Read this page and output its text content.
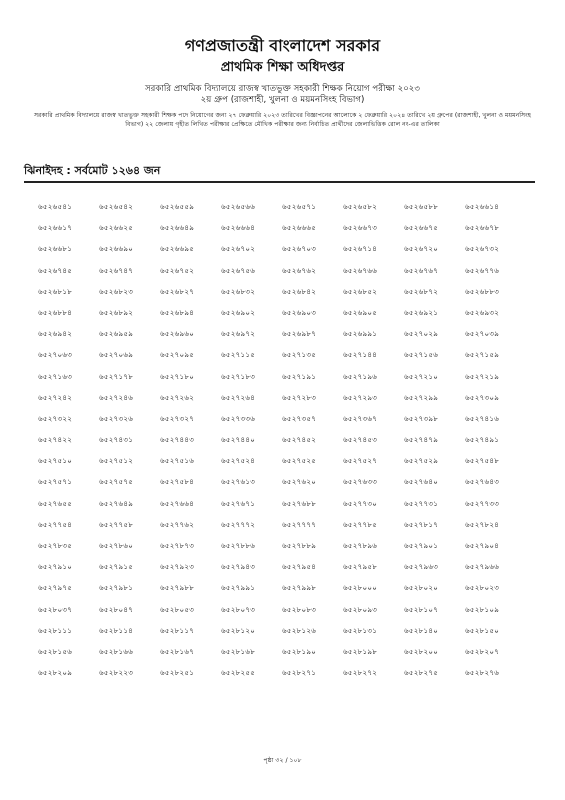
গণপ্রজাতন্ত্রী বাংলাদেশ সরকার
প্রাথমিক শিক্ষা অধিদপ্তর
সরকারি প্রাথমিক বিদ্যালয়ে রাজস্ব খাতভুক্ত সহকারী শিক্ষক নিয়োগ পরীক্ষা ২০২৩
২য় গ্রুপ (রাজশাহী, খুলনা ও ময়মনসিংহ বিভাগ)
সরকারি প্রাথমিক বিদ্যালয়ে রাজস্ব খাতভুক্ত সহকারী শিক্ষক পদে নিয়োগের জন্য ২৭ ফেব্রুয়ারি ২০২৩ তারিখের বিজ্ঞাপনের আলোকে ২ ফেব্রুয়ারি ২০২৪ তারিখে ২য় গ্রুপের (রাজশাহী, খুলনা ও ময়মনসিংহ বিভাগ) ২২ জেলায় গৃহীত লিখিত পরীক্ষার প্রেক্ষিতে মৌখিক পরীক্ষার জন্য নির্বাচিত প্রার্থীদের জেলাভিত্তিক রোল নং-এর তালিকা
ঝিনাইদহ : সর্বমোট ১২৬৪ জন
৬৫২৬৫৪১	৬৫২৬৫৪২	৬৫২৬৫৫৯	৬৫২৬৫৬৬	৬৫২৬৫৭১	৬৫২৬৫৮২	৬৫২৬৫৮৮	৬৫২৬৬১৪
৬৫২৬৬১৭	৬৫২৬৬২৫	৬৫২৬৬৪৯	৬৫২৬৬৬৪	৬৫২৬৬৬৫	৬৫২৬৬৭৩	৬৫২৬৬৭৫	৬৫২৬৬৭৮
৬৫২৬৬৮১	৬৫২৬৬৯০	৬৫২৬৬৯৫	৬৫২৬৭০২	৬৫২৬৭০৩	৬৫২৬৭১৪	৬৫২৬৭২০	৬৫২৬৭৩২
৬৫২৬৭৪৫	৬৫২৬৭৪৭	৬৫২৬৭৫২	৬৫২৬৭৫৬	৬৫২৬৭৬২	৬৫২৬৭৬৬	৬৫২৬৭৬৭	৬৫২৬৭৭৬
৬৫২৬৮১৮	৬৫২৬৮২৩	৬৫২৬৮২৭	৬৫২৬৮৩২	৬৫২৬৮৪২	৬৫২৬৮৫২	৬৫২৬৮৭২	৬৫২৬৮৮৩
৬৫২৬৮৮৪	৬৫২৬৮৯২	৬৫২৬৮৯৪	৬৫২৬৯০২	৬৫২৬৯০৩	৬৫২৬৯০৫	৬৫২৬৯২১	৬৫২৬৯৩২
৬৫২৬৯৪২	৬৫২৬৯৫৯	৬৫২৬৯৬০	৬৫২৬৯৭২	৬৫২৬৯৮৭	৬৫২৬৯৯১	৬৫২৭০২৯	৬৫২৭০৩৯
৬৫২৭০৬৩	৬৫২৭০৬৯	৬৫২৭০৯৫	৬৫২৭১১৫	৬৫২৭১৩৫	৬৫২৭১৪৪	৬৫২৭১৫৬	৬৫২৭১৫৯
৬৫২৭১৬৩	৬৫২৭১৭৮	৬৫২৭১৮০	৬৫২৭১৮৩	৬৫২৭১৯১	৬৫২৭১৯৬	৬৫২৭২১০	৬৫২৭২১৯
৬৫২৭২৪২	৬৫২৭২৪৬	৬৫২৭২৬২	৬৫২৭২৬৪	৬৫২৭২৮৩	৬৫২৭২৯৩	৬৫২৭২৯৯	৬৫২৭৩০৯
৬৫২৭৩২২	৬৫২৭৩২৬	৬৫২৭৩২৭	৬৫২৭৩৩৬	৬৫২৭৩৫৭	৬৫২৭৩৬৭	৬৫২৭৩৯৮	৬৫২৭৪১৬
৬৫২৭৪২২	৬৫২৭৪৩১	৬৫২৭৪৪৩	৬৫২৭৪৪০	৬৫২৭৪৫২	৬৫২৭৪৫৩	৬৫২৭৪৭৯	৬৫২৭৪৯১
৬৫২৭৫১০	৬৫২৭৫১২	৬৫২৭৫১৬	৬৫২৭৫২৪	৬৫২৭৫২৫	৬৫২৭৫২৭	৬৫২৭৫২৯	৬৫২৭৫৪৮
৬৫২৭৫৭১	৬৫২৭৫৭৫	৬৫২৭৫৮৪	৬৫২৭৬১৩	৬৫২৭৬২০	৬৫২৭৬৩৩	৬৫২৭৬৪০	৬৫২৭৬৪৩
৬৫২৭৬৫৫	৬৫২৭৬৪৯	৬৫২৭৬৬৪	৬৫২৭৬৭১	৬৫২৭৬৮৮	৬৫২৭৭৩০	৬৫২৭৭৩১	৬৫২৭৭৩৩
৬৫২৭৭৫৪	৬৫২৭৭৫৮	৬৫২৭৭৬২	৬৫২৭৭৭২	৬৫২৭৭৭৭	৬৫২৭৭৮৫	৬৫২৭৮১৭	৬৫২৭৮২৪
৬৫২৭৮৩৫	৬৫২৭৮৬০	৬৫২৭৮৭৩	৬৫২৭৮৮৬	৬৫২৭৮৮৯	৬৫২৭৮৯৬	৬৫২৭৯০১	৬৫২৭৯০৪
৬৫২৭৯১০	৬৫২৭৯১৫	৬৫২৭৯২৩	৬৫২৭৯৪৩	৬৫২৭৯৫৪	৬৫২৭৯৫৮	৬৫২৭৯৬৩	৬৫২৭৯৬৬
৬৫২৭৯৭৫	৬৫২৭৯৮১	৬৫২৭৯৮৮	৬৫২৭৯৯১	৬৫২৭৯৯৮	৬৫২৮০০০	৬৫২৮০২০	৬৫২৮০২৩
৬৫২৮০৩৭	৬৫২৮০৪৭	৬৫২৮০৫৩	৬৫২৮০৭৩	৬৫২৮০৮৩	৬৫২৮০৯৩	৬৫২৮১০৭	৬৫২৮১০৯
৬৫২৮১১১	৬৫২৮১১৪	৬৫২৮১১৭	৬৫২৮১২০	৬৫২৮১২৬	৬৫২৮১৩১	৬৫২৮১৪০	৬৫২৮১৫০
৬৫২৮১৫৬	৬৫২৮১৬৬	৬৫২৮১৬৭	৬৫২৮১৬৮	৬৫২৮১৯০	৬৫২৮১৯৮	৬৫২৮২০০	৬৫২৮২০৭
৬৫২৮২০৯	৬৫২৮২২৩	৬৫২৮২৫১	৬৫২৮২৫৫	৬৫২৮২৭১	৬৫২৮২৭২	৬৫২৮২৭৫	৬৫২৮২৭৬
পৃষ্ঠা ৩২ / ১০৮
